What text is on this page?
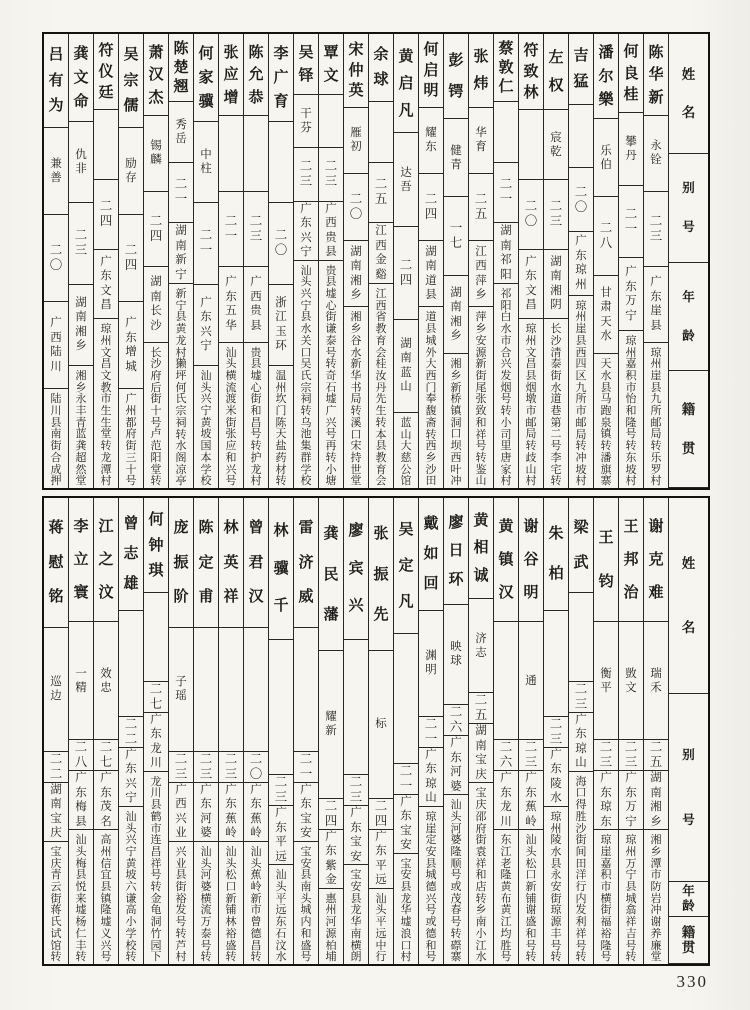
姓
名
别
号
年
龄
籍
贯
陈
华
新
永
铨
二
三
广
东
崖
县
琼
州
崖
县
九
所
邮
局
转
乐
罗
村
何
良
桂
攀
丹
二
一
广
东
万
宁
琼
州
嘉
积
市
怡
和
隆
号
转
东
坡
村
潘
尔
樂
乐
伯
二
八
甘
肃
天
水
天
水
县
马
跑
泉
镇
转
潘
旗
寨
吉
猛
二
〇
广
东
琼
州
琼
州
崖
县
西
四
区
九
所
市
邮
局
转
冲
坡
村
左
权
宸
乾
二
三
湖
南
湘
阴
长
沙
清
泰
街
水
道
巷
第
二
号
李
宅
转
符
致
林
二
〇
广
东
文
昌
琼
州
文
昌
县
烟
墩
市
邮
局
转
歧
山
村
蔡
敦
仁
二
一
湖
南
祁
阳
祁
阳
白
水
市
合
兴
发
烟
号
转
小
司
里
唐
家
村
张
炜
华
育
二
五
江
西
萍
乡
萍
乡
安
源
新
街
尾
张
致
和
祥
号
转
鉴
山
彭
锷
健
青
一
七
湖
南
湘
乡
湘
乡
新
桥
镇
洞
口
坝
西
叶
冲
何
启
明
耀
东
二
四
湖
南
道
县
道
县
城
外
大
西
门
奉
馥
斋
转
西
乡
沙
田
黄
启
凡
达
吾
二
四
湖
南
蓝
山
蓝
山
大
慈
公
馆
余
球
二
五
江
西
金
谿
江
西
省
教
育
会
桂
汝
丹
先
生
转
本
县
教
育
会
宋
仲
英
雁
初
二
〇
湖
南
湘
乡
湘
乡
谷
水
新
华
书
局
转
溪
口
宋
持
世
堂
覃
文
二
三
广
西
贵
县
贵
县
墟
心
街
谦
泰
号
转
奇
石
墟
广
兴
号
再
转
小
塘
吴
铎
干
芬
二
三
广
东
兴
宁
汕
头
兴
宁
县
水
关
口
吴
氏
宗
祠
转
乌
池
集
群
学
校
李
广
育
二
〇
浙
江
玉
环
温
州
坎
门
陈
天
盐
药
材
转
陈
允
恭
二
三
广
西
贵
县
贵
县
墟
心
街
和
昌
号
转
护
龙
村
张
应
增
二
一
广
东
五
华
汕
头
横
流
渡
米
街
张
应
和
兴
号
何
家
骥
中
柱
二
一
广
东
兴
宁
汕
头
兴
宁
黄
坡
国
本
学
校
陈
楚
翘
秀
岳
二
一
湖
南
新
宁
新
宁
县
黄
龙
村
獭
坪
何
氏
宗
祠
转
水
阁
凉
亭
萧
汉
杰
锡
麟
二
四
湖
南
长
沙
长
沙
府
后
街
十
号
卢
范
阳
堂
转
吴
宗
儒
励
存
二
四
广
东
增
城
广
州
都
府
街
三
十
号
符
仪
廷
二
四
广
东
文
昌
琼
州
文
昌
文
教
市
生
生
堂
转
龙
潭
村
龚
文
命
仇
非
二
三
湖
南
湘
乡
湘
乡
永
丰
青
蓝
龚
超
然
堂
吕
有
为
兼
善
二
〇
广
西
陆
川
陆
川
县
南
街
合
成
押
姓
名
别
号
年
龄
籍
贯
谢
克
难
瑞
禾
二
五
湖
南
湘
乡
湘
乡
潭
市
防
岩
冲
谢
养
廉
堂
王
邦
治
敳
文
二
三
广
东
万
宁
琼
州
万
宁
县
城
翕
祥
吉
号
转
王
钧
衡
平
二
三
广
东
琼
东
琼
崖
嘉
积
市
横
街
福
裕
隆
号
梁
武
二
三
广
东
琼
山
海
口
得
胜
沙
街
间
田
洋
行
内
发
利
祥
号
转
朱
柏
二
三
广
东
陵
水
琼
州
陵
水
县
永
安
街
琼
源
丰
号
转
谢
谷
明
通
二
三
广
东
蕉
岭
汕
头
松
口
新
铺
谢
盛
和
号
转
黄
镇
汉
二
六
广
东
龙
川
东
江
老
隆
黄
布
黄
江
均
胜
号
黄
相
诚
济
志
二
五
湖
南
宝
庆
宝
庆
邵
府
街
袁
祥
和
店
转
乡
南
小
江
水
廖
日
环
映
球
二
六
广
东
河
婆
汕
头
河
婆
隆
顺
号
或
茂
春
号
转
磜
寨
戴
如
回
渊
明
二
一
广
东
琼
山
琼
崖
定
安
县
城
德
兴
号
或
德
和
号
吴
定
凡
二
一
广
东
宝
安
宝
安
县
龙
华
墟
浪
口
村
张
振
先
标
二
四
广
东
平
远
汕
头
平
远
中
行
廖
宾
兴
二
三
广
东
宝
安
宝
安
县
龙
华
南
横
朗
龚
民
藩
耀
新
二
四
广
东
紫
金
惠
州
河
源
柏
埔
雷
济
威
二
一
广
东
宝
安
宝
安
县
南
头
城
内
和
盛
号
林
骥
千
二
三
广
东
平
远
汕
头
平
远
东
石
汶
水
曾
君
汉
二
〇
广
东
蕉
岭
汕
头
蕉
岭
新
市
曾
德
昌
转
林
英
祥
二
三
广
东
蕉
岭
汕
头
松
口
新
铺
林
裕
盛
转
陈
定
甫
二
三
广
东
河
婆
汕
头
河
婆
横
流
万
泰
号
转
庞
振
阶
子
瑶
二
三
广
西
兴
业
兴
业
县
街
裕
发
号
转
芦
村
何
钟
琪
二
七
广
东
龙
川
龙
川
县
鹤
市
连
昌
祥
号
转
金
龟
洞
竹
园
下
曾
志
雄
二
二
广
东
兴
宁
汕
头
兴
宁
黄
坡
六
谦
高
小
学
校
转
江
之
汶
效
忠
二
七
广
东
茂
名
高
州
信
宜
县
镇
隆
墟
义
兴
号
李
立
寰
一
精
二
八
广
东
梅
县
汕
头
梅
县
悦
来
墟
杨
仁
丰
转
蒋
慰
铭
巡
边
二
二
湖
南
宝
庆
宝
庆
青
云
街
蒋
氏
试
馆
转
330
